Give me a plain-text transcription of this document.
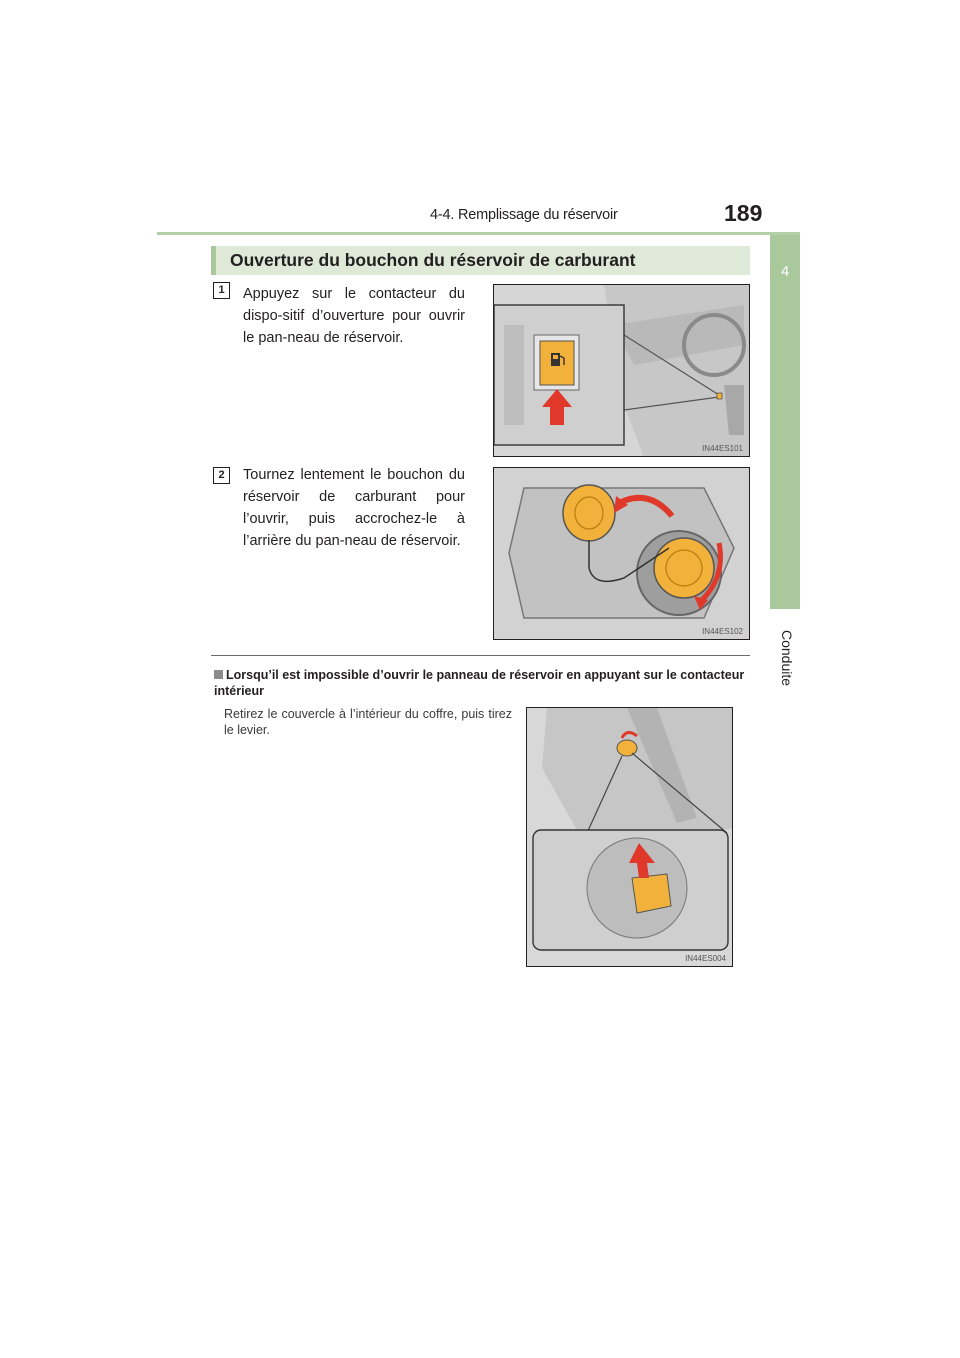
4-4. Remplissage du réservoir	189
4
Conduite
Ouverture du bouchon du réservoir de carburant
1	Appuyez sur le contacteur du dispo-sitif d’ouverture pour ouvrir le pan-neau de réservoir.
IN44ES101
2	Tournez lentement le bouchon du réservoir de carburant pour l’ouvrir, puis accrochez-le à l’arrière du pan-neau de réservoir.
IN44ES102
Lorsqu’il est impossible d’ouvrir le panneau de réservoir en appuyant sur le contacteur intérieur
Retirez le couvercle à l’intérieur du coffre, puis tirez le levier.
IN44ES004
